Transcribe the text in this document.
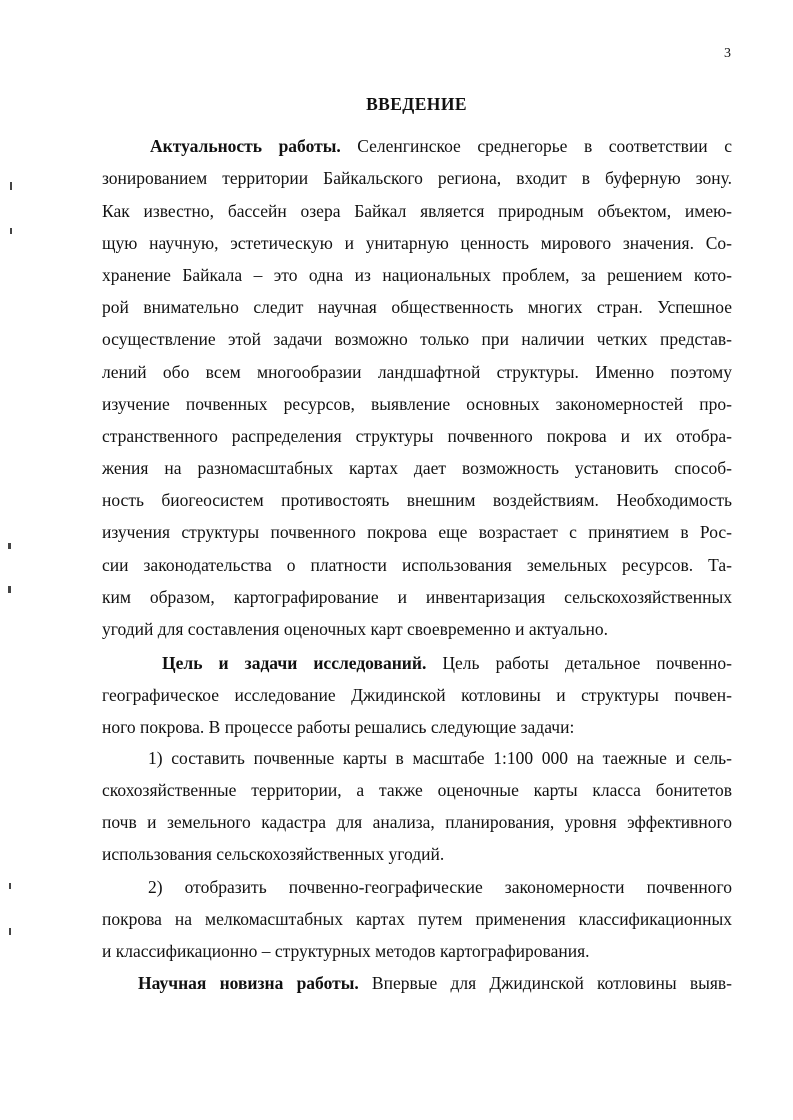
3
ВВЕДЕНИЕ
Актуальность работы. Селенгинское среднегорье в соответствии с
зонированием территории Байкальского региона, входит в буферную зону.
Как известно, бассейн озера Байкал является природным объектом, имею-
щую научную, эстетическую и унитарную ценность мирового значения. Со-
хранение Байкала – это одна из национальных проблем, за решением кото-
рой внимательно следит научная общественность многих стран. Успешное
осуществление этой задачи возможно только при наличии четких представ-
лений обо всем многообразии ландшафтной структуры. Именно поэтому
изучение почвенных ресурсов, выявление основных закономерностей про-
странственного распределения структуры почвенного покрова и их отобра-
жения на разномасштабных картах дает возможность установить способ-
ность биогеосистем противостоять внешним воздействиям. Необходимость
изучения структуры почвенного покрова еще возрастает с принятием в Рос-
сии законодательства о платности использования земельных ресурсов. Та-
ким образом, картографирование и инвентаризация сельскохозяйственных
угодий для составления оценочных карт своевременно и актуально.
Цель и задачи исследований. Цель работы детальное почвенно-
географическое исследование Джидинской котловины и структуры почвен-
ного покрова. В процессе работы решались следующие задачи:
1) составить почвенные карты в масштабе 1:100 000 на таежные и сель-
скохозяйственные территории, а также оценочные карты класса бонитетов
почв и земельного кадастра для анализа, планирования, уровня эффективного
использования сельскохозяйственных угодий.
2) отобразить почвенно-географические закономерности почвенного
покрова на мелкомасштабных картах путем применения классификационных
и классификационно – структурных методов картографирования.
Научная новизна работы. Впервые для Джидинской котловины выяв-
